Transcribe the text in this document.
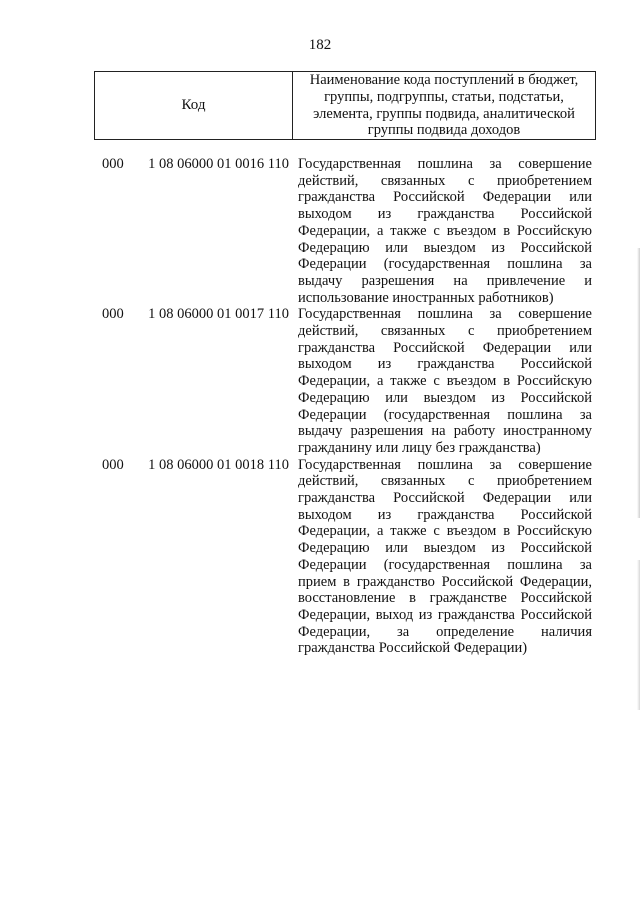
182
Код
Наименование кода поступлений в бюджет, группы, подгруппы, статьи, подстатьи, элемента, группы подвида, аналитической группы подвида доходов
000	1 08 06000 01 0016 110 Государственная пошлина за совершение действий, связанных с приобретением гражданства Российской Федерации или выходом из гражданства Российской Федерации, а также с въездом в Российскую Федерацию или выездом из Российской Федерации (государственная пошлина за выдачу разрешения на привлечение и использование иностранных работников)
000	1 08 06000 01 0017 110 Государственная пошлина за совершение действий, связанных с приобретением гражданства Российской Федерации или выходом из гражданства Российской Федерации, а также с въездом в Российскую Федерацию или выездом из Российской Федерации (государственная пошлина за выдачу разрешения на работу иностранному гражданину или лицу без гражданства)
000	1 08 06000 01 0018 110 Государственная пошлина за совершение действий, связанных с приобретением гражданства Российской Федерации или выходом из гражданства Российской Федерации, а также с въездом в Российскую Федерацию или выездом из Российской Федерации (государственная пошлина за прием в гражданство Российской Федерации, восстановление в гражданстве Российской Федерации, выход из гражданства Российской Федерации, за определение наличия гражданства Российской Федерации)
